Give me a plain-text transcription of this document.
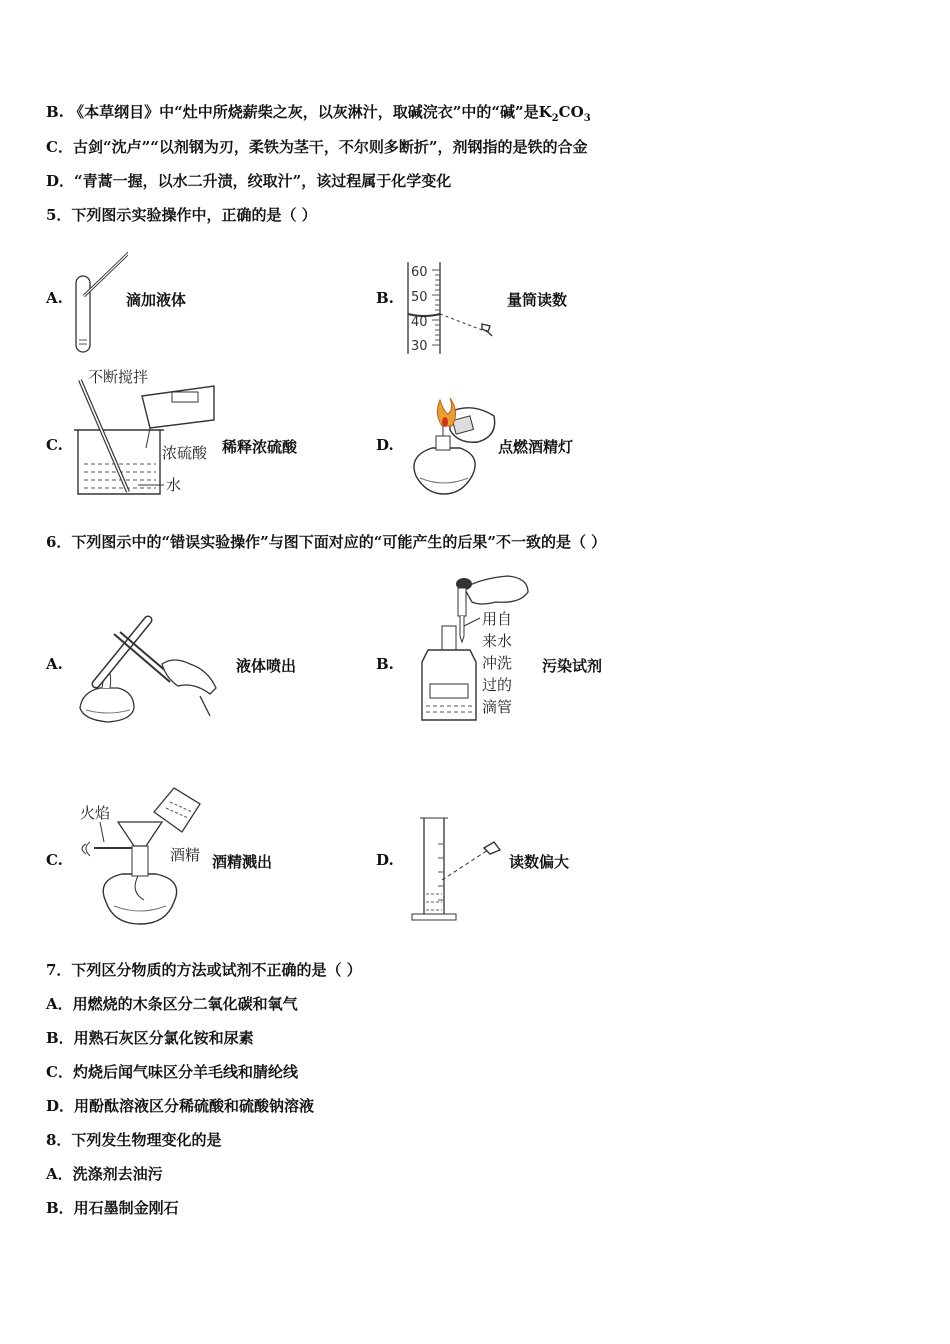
B. 《本草纲目》中“灶中所烧薪柴之灰，以灰淋汁，取碱浣衣”中的“碱”是$K_2CO_3$
C．古剑“沈卢”“以剂钢为刃，柔铁为茎干，不尔则多断折”，剂钢指的是铁的合金
D．“青蒿一握，以水二升渍，绞取汁”，该过程属于化学变化
5．下列图示实验操作中，正确的是（ ）
A.	滴加液体	B.
60
50
40
30
量筒读数
C.
不断搅拌
浓硫酸
水
稀释浓硫酸	D.	点燃酒精灯
6．下列图示中的“错误实验操作”与图下面对应的“可能产生的后果”不一致的是（ ）
A.	液体喷出	B.
用自
来水
冲洗
过的
滴管
污染试剂
C.
火焰
酒精 酒精溅出	D.	读数偏大
7．下列区分物质的方法或试剂不正确的是（ ）
A．用燃烧的木条区分二氧化碳和氧气
B．用熟石灰区分氯化铵和尿素
C．灼烧后闻气味区分羊毛线和腈纶线
D．用酚酞溶液区分稀硫酸和硫酸钠溶液
8．下列发生物理变化的是
A．洗涤剂去油污
B．用石墨制金刚石
